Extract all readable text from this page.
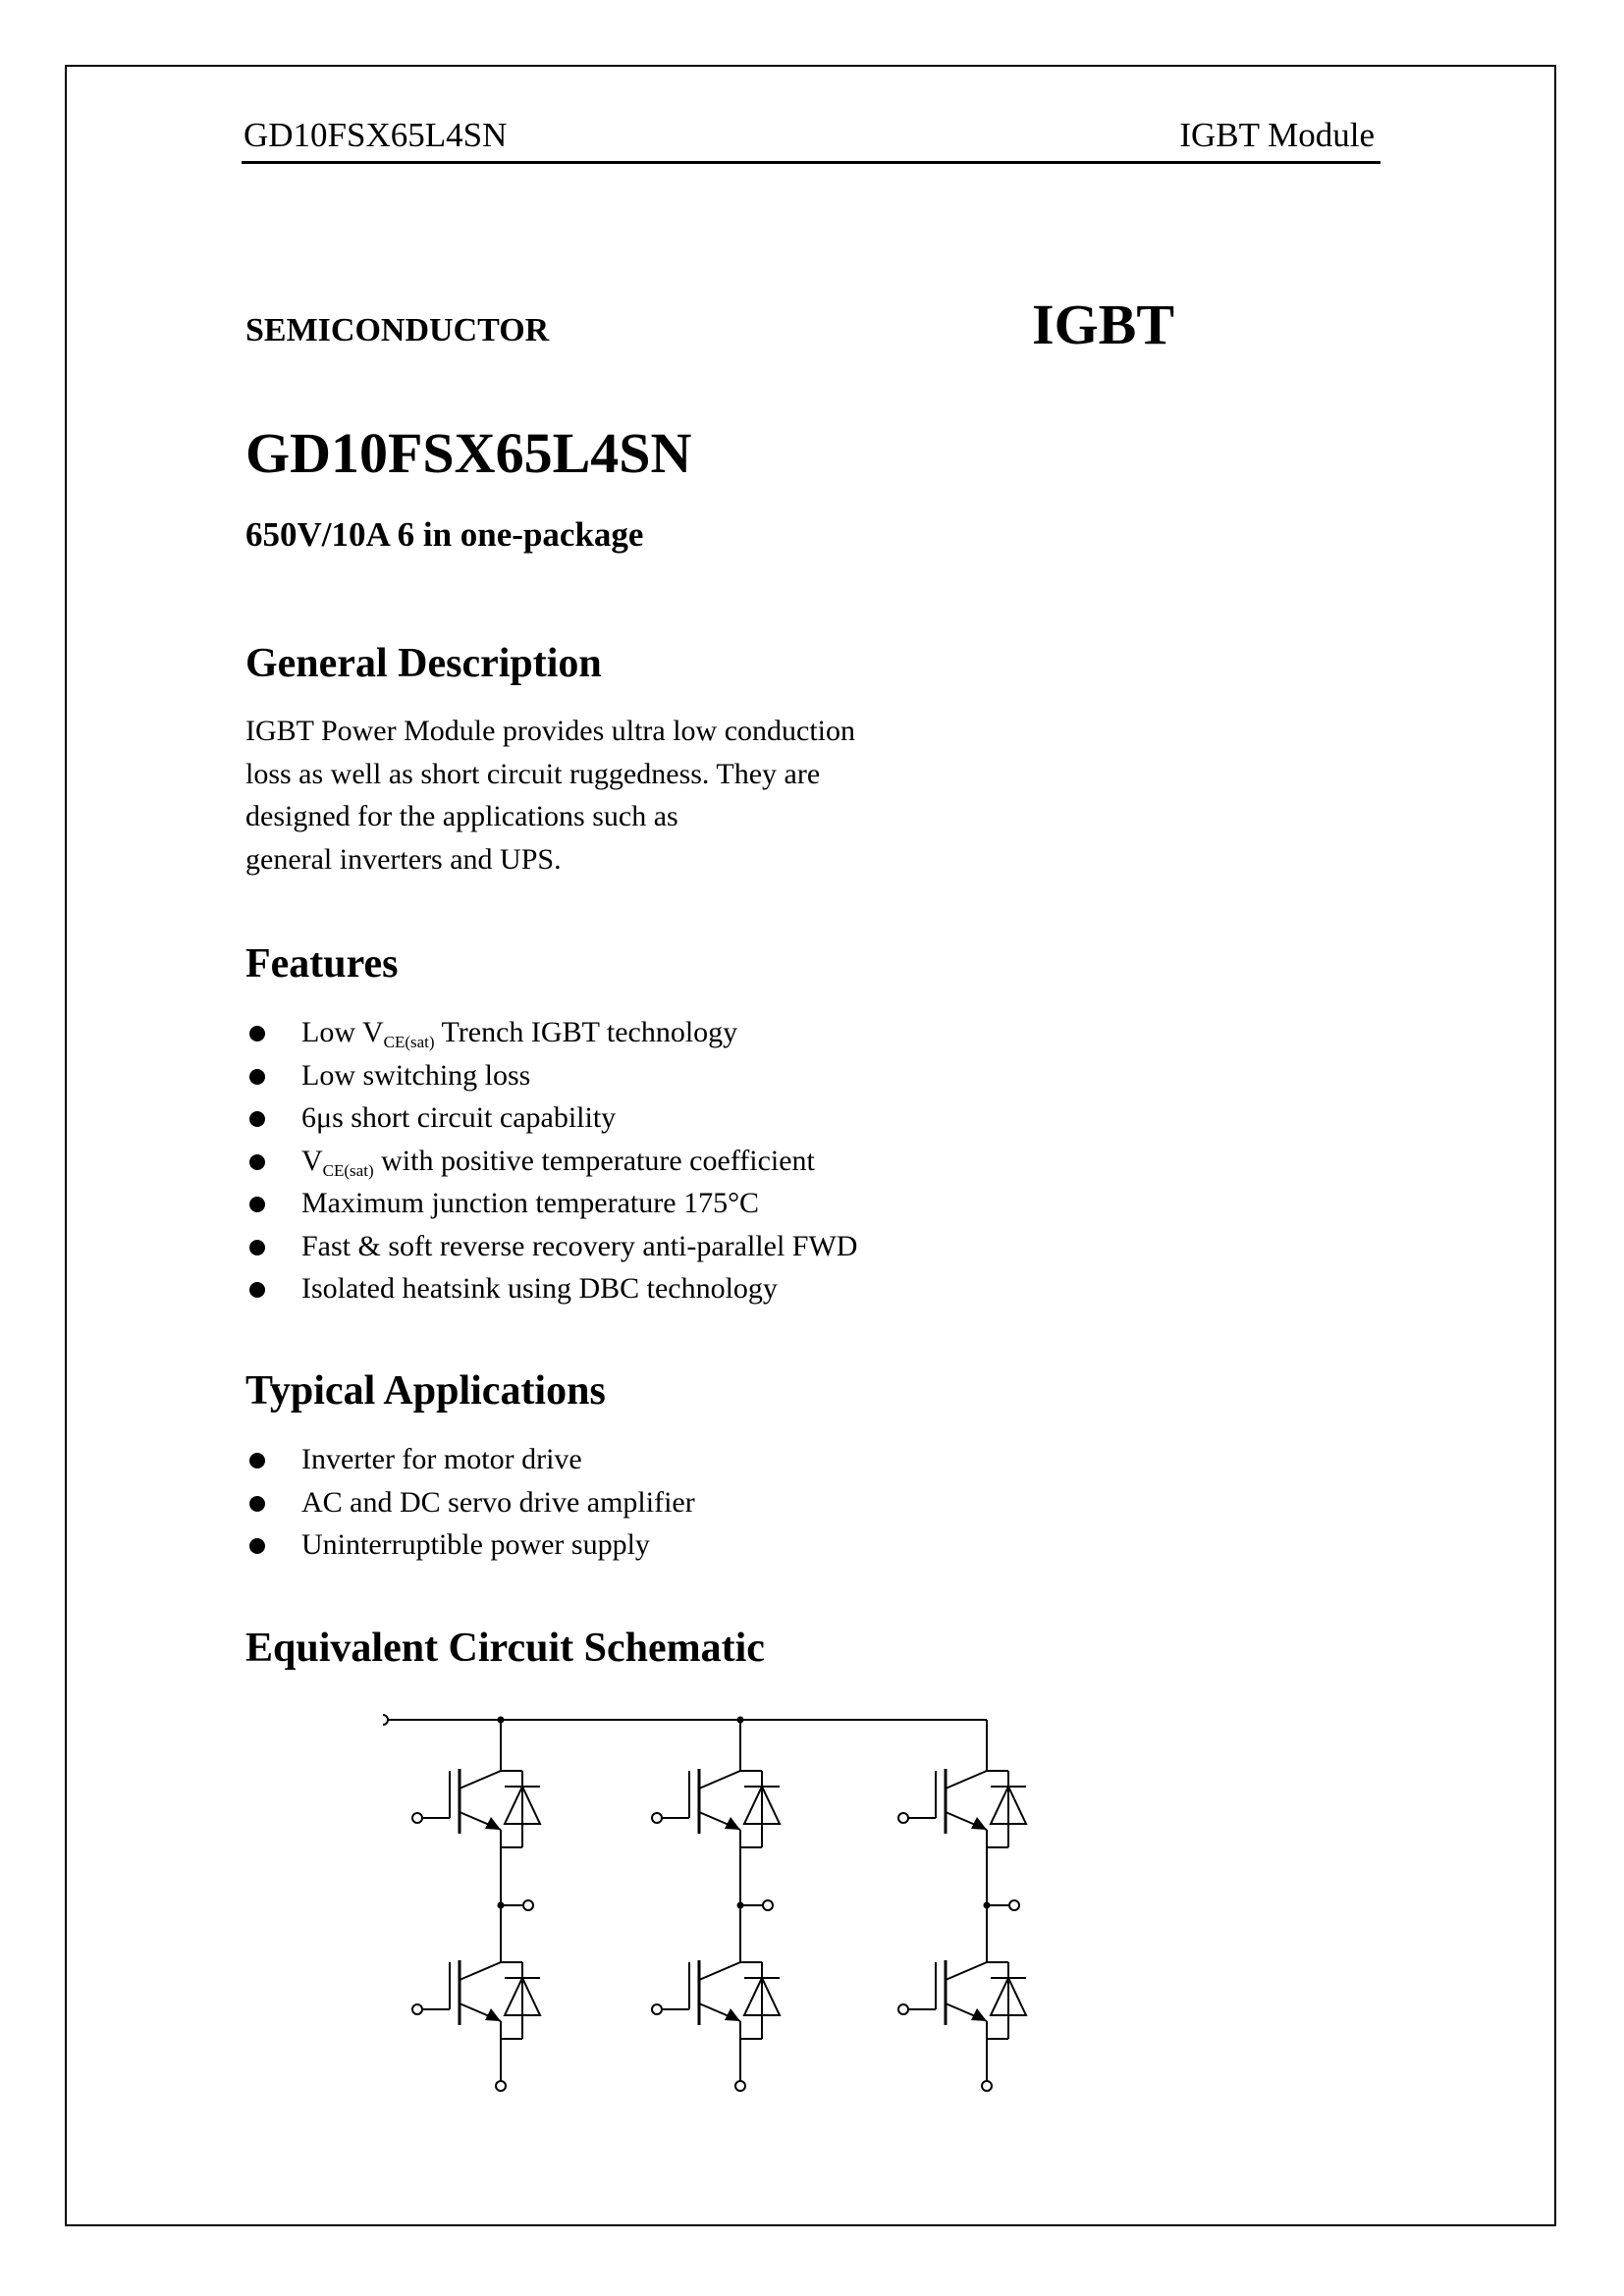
GD10FSX65L4SN	IGBT Module
SEMICONDUCTOR	IGBT
GD10FSX65L4SN
650V/10A 6 in one-package
General Description
IGBT Power Module provides ultra low conduction
loss as well as short circuit ruggedness. They are
designed for the applications such as
general inverters and UPS.
Features
Low $V_{CE(sat)}$ Trench IGBT technology
Low switching loss
6μs short circuit capability
$V_{CE(sat)}$ with positive temperature coefficient
Maximum junction temperature 175°C
Fast & soft reverse recovery anti-parallel FWD
Isolated heatsink using DBC technology
Typical Applications
Inverter for motor drive
AC and DC servo drive amplifier
Uninterruptible power supply
Equivalent Circuit Schematic
